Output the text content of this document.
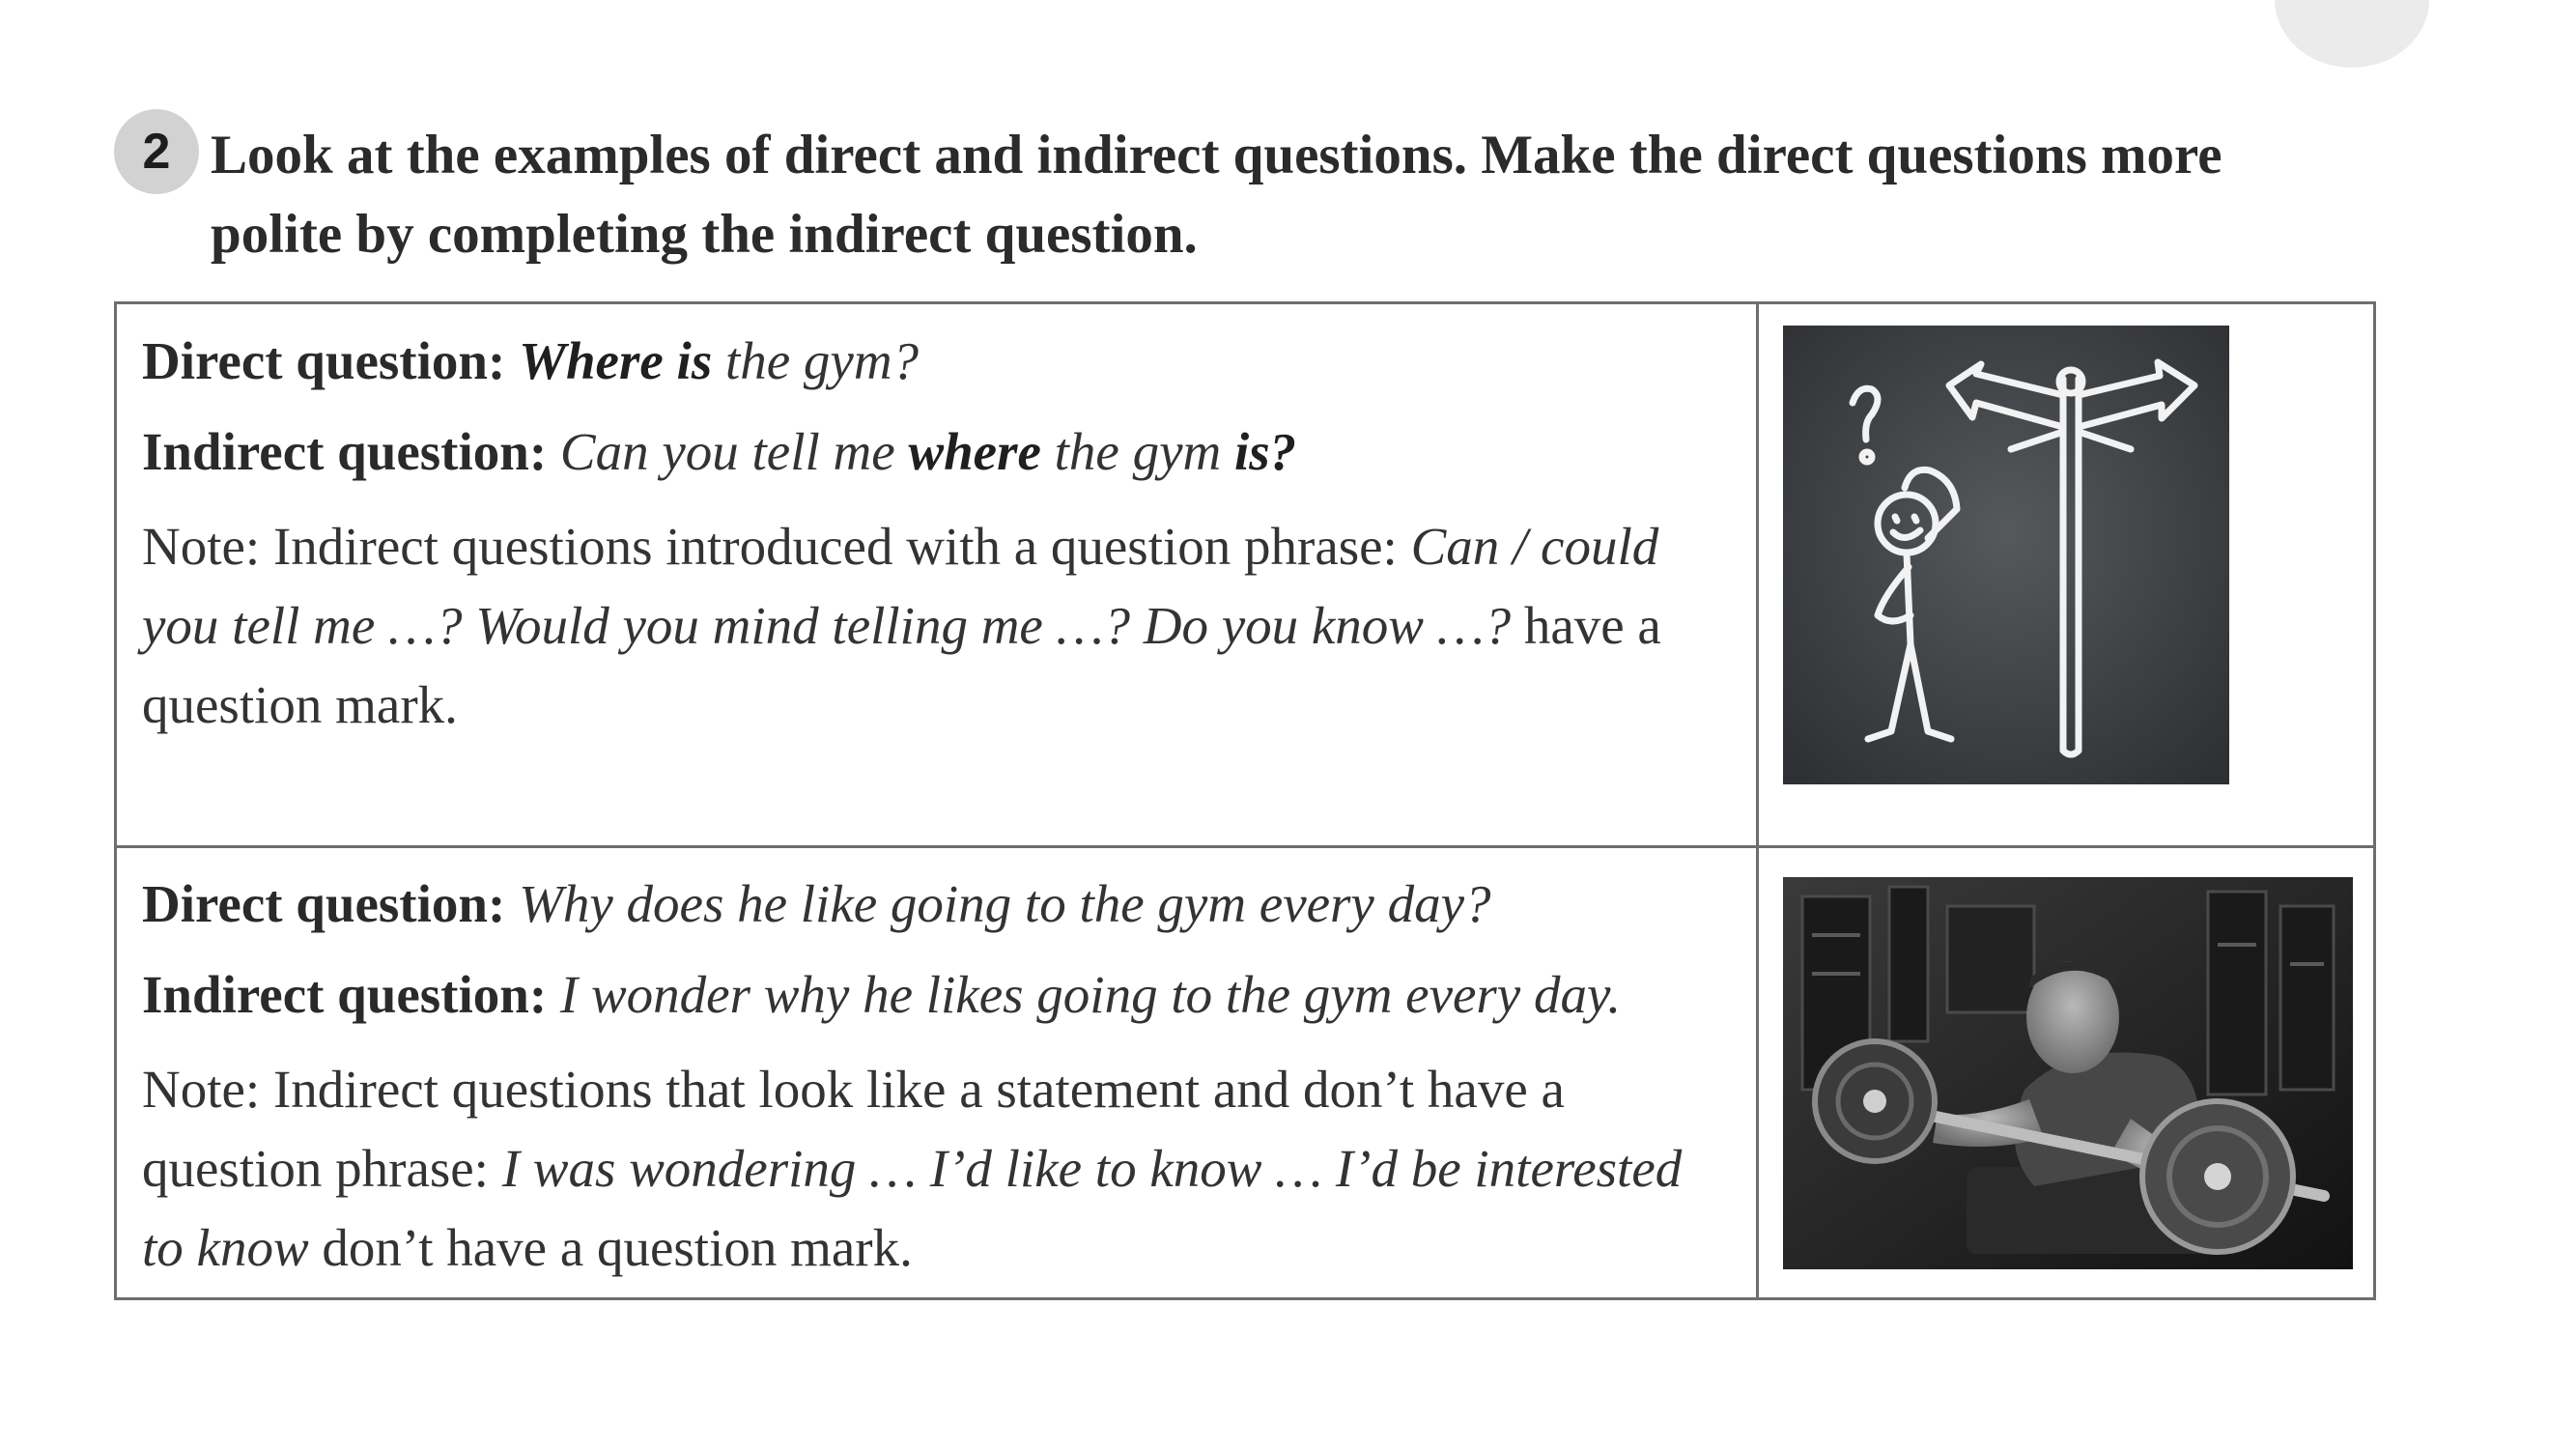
2 Look at the examples of direct and indirect questions. Make the direct questions more
polite by completing the indirect question.

Direct question: Where is the gym?

Indirect question: Can you tell me where the gym is?

Note: Indirect questions introduced with a question phrase: Can / could
you tell me …? Would you mind telling me …? Do you know …? have a
question mark.

Direct question: Why does he like going to the gym every day?

Indirect question: I wonder why he likes going to the gym every day.

Note: Indirect questions that look like a statement and don’t have a
question phrase: I was wondering … I’d like to know … I’d be interested
to know don’t have a question mark.
